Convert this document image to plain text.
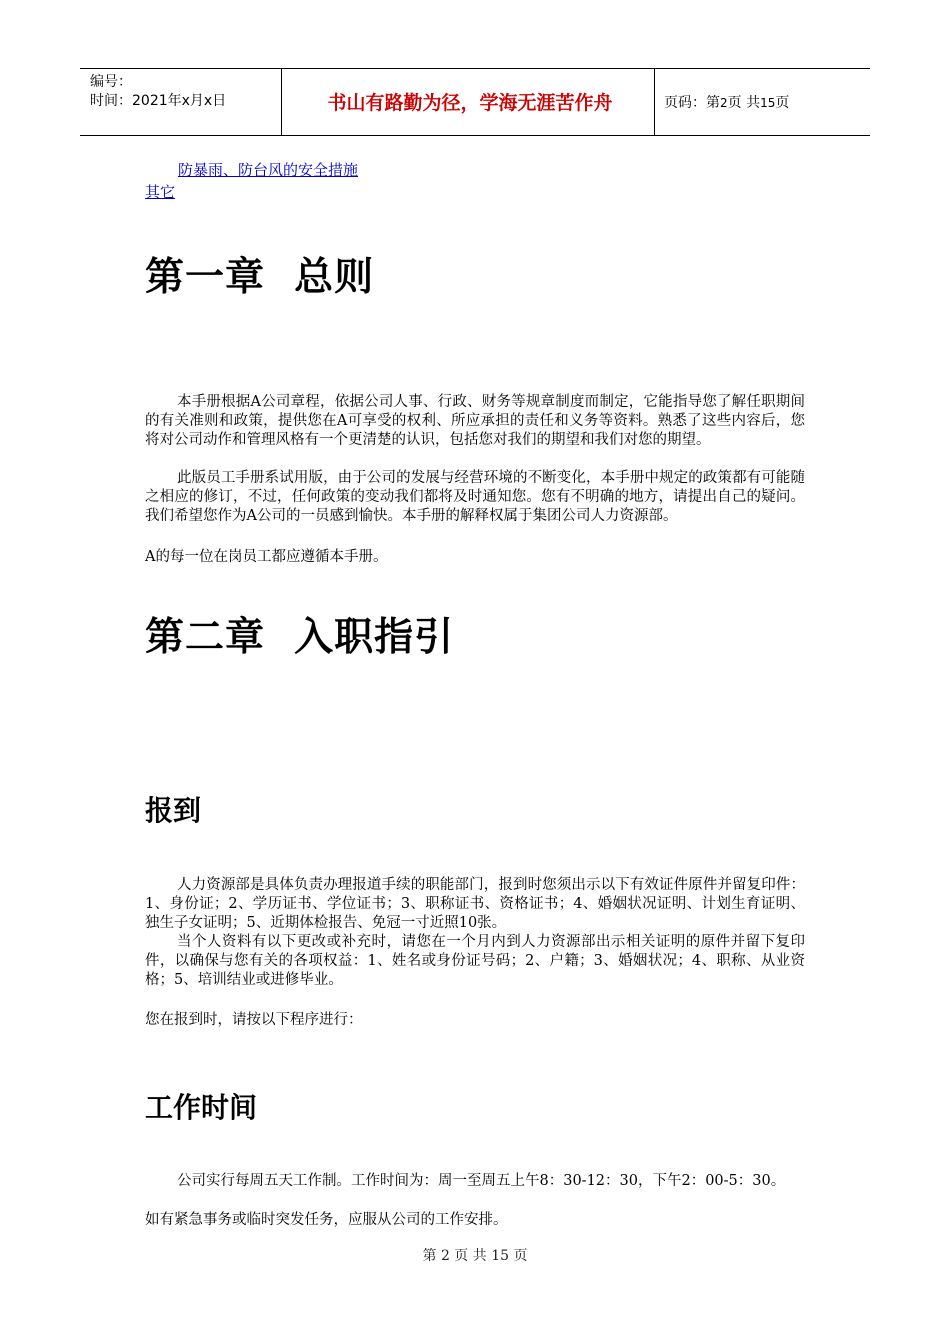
编号：
时间：2021年x月x日	书山有路勤为径，学海无涯苦作舟	页码：第2页 共15页
防暴雨、防台风的安全措施
其它
第一章  总则

本手册根据A公司章程，依据公司人事、行政、财务等规章制度而制定，它能指导您了解任职期间的有关准则和政策，提供您在A可享受的权利、所应承担的责任和义务等资料。熟悉了这些内容后，您将对公司动作和管理风格有一个更清楚的认识，包括您对我们的期望和我们对您的期望。

此版员工手册系试用版，由于公司的发展与经营环境的不断变化，本手册中规定的政策都有可能随之相应的修订，不过，任何政策的变动我们都将及时通知您。您有不明确的地方，请提出自己的疑问。我们希望您作为A公司的一员感到愉快。本手册的解释权属于集团公司人力资源部。

A的每一位在岗员工都应遵循本手册。

第二章  入职指引
报到

人力资源部是具体负责办理报道手续的职能部门，报到时您须出示以下有效证件原件并留复印件：1、身份证；2、学历证书、学位证书；3、职称证书、资格证书；4、婚姻状况证明、计划生育证明、独生子女证明；5、近期体检报告、免冠一寸近照10张。

当个人资料有以下更改或补充时，请您在一个月内到人力资源部出示相关证明的原件并留下复印件，以确保与您有关的各项权益：1、姓名或身份证号码；2、户籍；3、婚姻状况；4、职称、从业资格；5、培训结业或进修毕业。

您在报到时，请按以下程序进行：

工作时间

公司实行每周五天工作制。工作时间为：周一至周五上午8：30-12：30，下午2：00-5：30。

如有紧急事务或临时突发任务，应服从公司的工作安排。

第 2 页 共 15 页
